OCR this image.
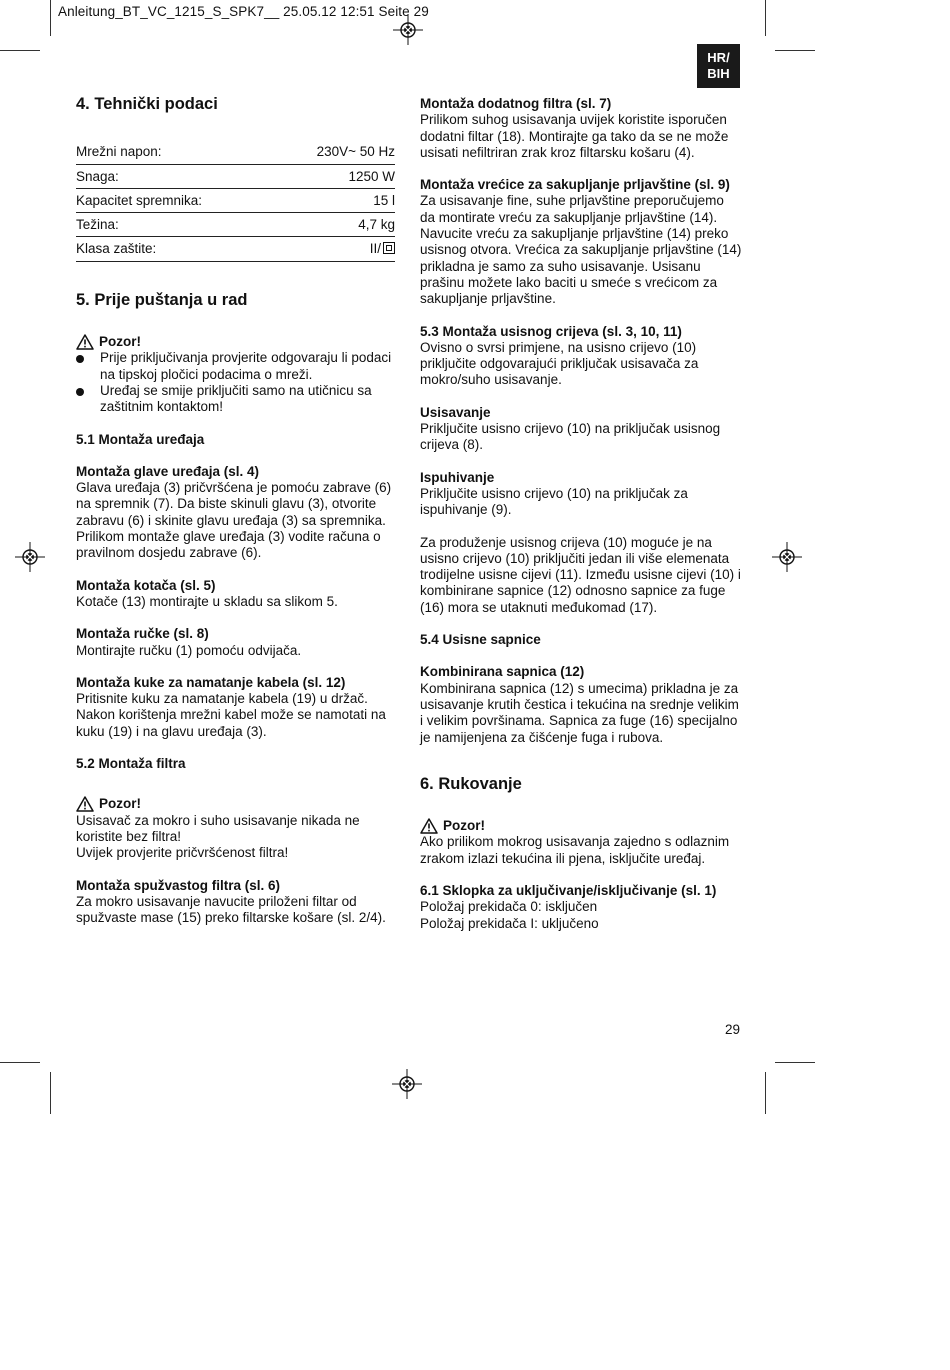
Anleitung_BT_VC_1215_S_SPK7__ 25.05.12 12:51 Seite 29
HR/
BIH
4. Tehnički podaci
Mrežni napon:	230V~ 50 Hz
Snaga:	1250 W
Kapacitet spremnika:	15 l
Težina:	4,7 kg
Klasa zaštite:	II/
5. Prije puštanja u rad
Pozor!
Prije priključivanja provjerite odgovaraju li podaci na tipskoj pločici podacima o mreži.
Uređaj se smije priključiti samo na utičnicu sa zaštitnim kontaktom!

5.1 Montaža uređaja

Montaža glave uređaja (sl. 4)

Glava uređaja (3) pričvršćena je pomoću zabrave (6) na spremnik (7). Da biste skinuli glavu (3), otvorite zabravu (6) i skinite glavu uređaja (3) sa spremnika. Prilikom montaže glave uređaja (3) vodite računa o pravilnom dosjedu zabrave (6).

Montaža kotača (sl. 5)

Kotače (13) montirajte u skladu sa slikom 5.

Montaža ručke (sl. 8)

Montirajte ručku (1) pomoću odvijača.

Montaža kuke za namatanje kabela (sl. 12)

Pritisnite kuku za namatanje kabela (19) u držač. Nakon korištenja mrežni kabel može se namotati na kuku (19) i na glavu uređaja (3).

5.2 Montaža filtra

Pozor!

Usisavač za mokro i suho usisavanje nikada ne koristite bez filtra!

Uvijek provjerite pričvršćenost filtra!

Montaža spužvastog filtra (sl. 6)

Za mokro usisavanje navucite priloženi filtar od spužvaste mase (15) preko filtarske košare (sl. 2/4).

Montaža dodatnog filtra (sl. 7)

Prilikom suhog usisavanja uvijek koristite isporučen dodatni filtar (18). Montirajte ga tako da se ne može usisati nefiltriran zrak kroz filtarsku košaru (4).

Montaža vrećice za sakupljanje prljavštine (sl. 9)

Za usisavanje fine, suhe prljavštine preporučujemo da montirate vreću za sakupljanje prljavštine (14). Navucite vreću za sakupljanje prljavštine (14) preko usisnog otvora. Vrećica za sakupljanje prljavštine (14) prikladna je samo za suho usisavanje. Usisanu prašinu možete lako baciti u smeće s vrećicom za sakupljanje prljavštine.

5.3 Montaža usisnog crijeva (sl. 3, 10, 11)

Ovisno o svrsi primjene, na usisno crijevo (10) priključite odgovarajući priključak usisavača za mokro/suho usisavanje.

Usisavanje

Priključite usisno crijevo (10) na priključak usisnog crijeva (8).

Ispuhivanje

Priključite usisno crijevo (10) na priključak za ispuhivanje (9).

Za produženje usisnog crijeva (10) moguće je na usisno crijevo (10) priključiti jedan ili više elemenata trodijelne usisne cijevi (11). Između usisne cijevi (10) i kombinirane sapnice (12) odnosno sapnice za fuge (16) mora se utaknuti međukomad (17).

5.4 Usisne sapnice

Kombinirana sapnica (12)

Kombinirana sapnica (12) s umecima) prikladna je za usisavanje krutih čestica i tekućina na srednje velikim i velikim površinama. Sapnica za fuge (16) specijalno je namijenjena za čišćenje fuga i rubova.

6. Rukovanje
Pozor!

Ako prilikom mokrog usisavanja zajedno s odlaznim zrakom izlazi tekućina ili pjena, isključite uređaj.

6.1 Sklopka za uključivanje/isključivanje (sl. 1)

Položaj prekidača 0: isključen

Položaj prekidača I: uključeno

29
